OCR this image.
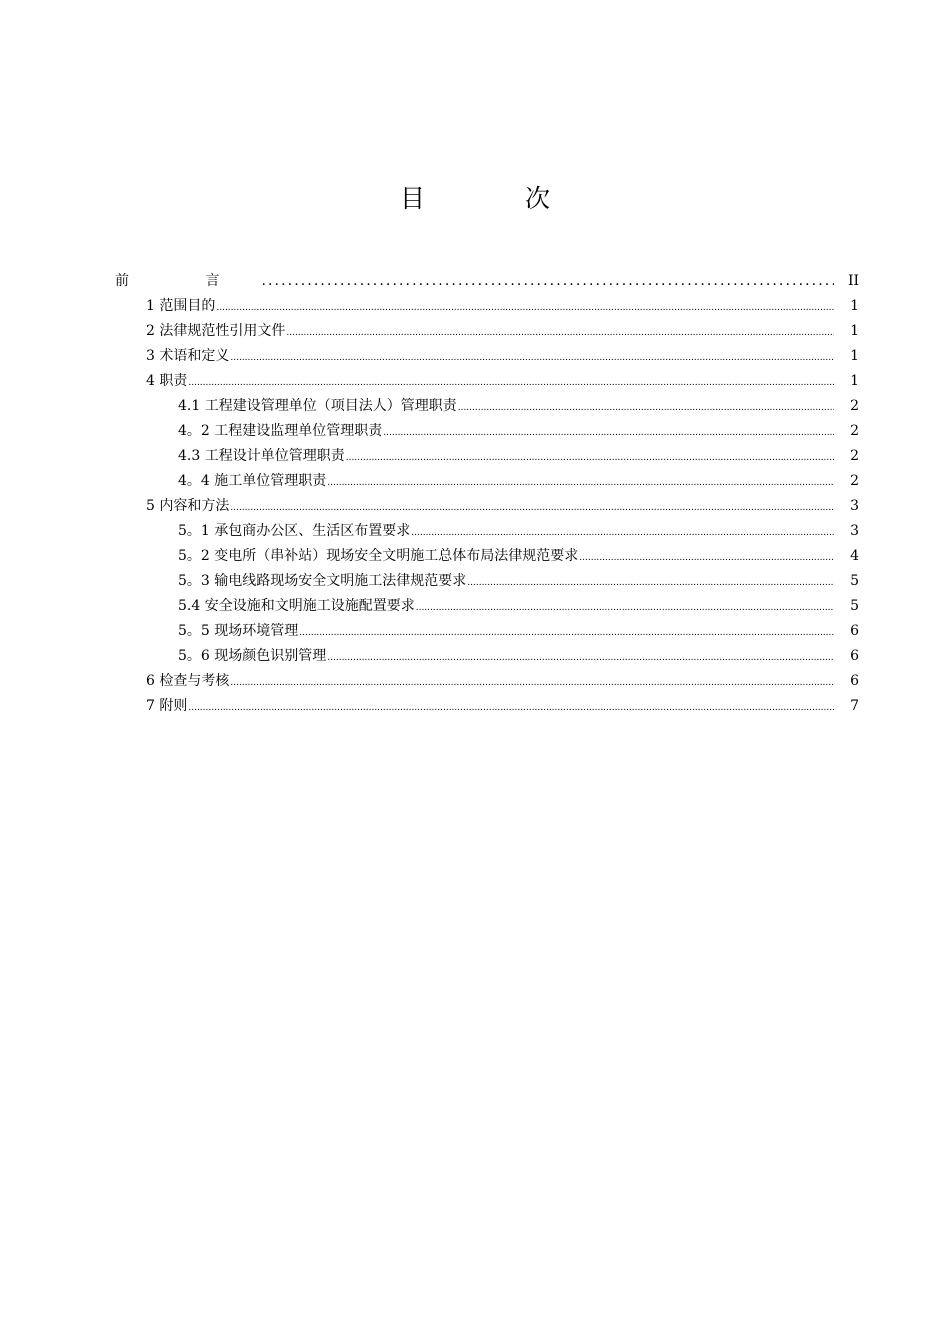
目 次
前 言 .....	II
1 范围目的 .....	1
2 法律规范性引用文件 .....	1
3 术语和定义 .....	1
4 职责 .....	1
4.1 工程建设管理单位（项目法人）管理职责 .....	2
4。2 工程建设监理单位管理职责 .....	2
4.3 工程设计单位管理职责 .....	2
4。4 施工单位管理职责 .....	2
5 内容和方法 .....	3
5。1 承包商办公区、生活区布置要求 .....	3
5。2 变电所（串补站）现场安全文明施工总体布局法律规范要求 .....	4
5。3 输电线路现场安全文明施工法律规范要求 .....	5
5.4 安全设施和文明施工设施配置要求 .....	5
5。5 现场环境管理 .....	6
5。6 现场颜色识别管理 .....	6
6 检查与考核 .....	6
7 附则 .....	7
